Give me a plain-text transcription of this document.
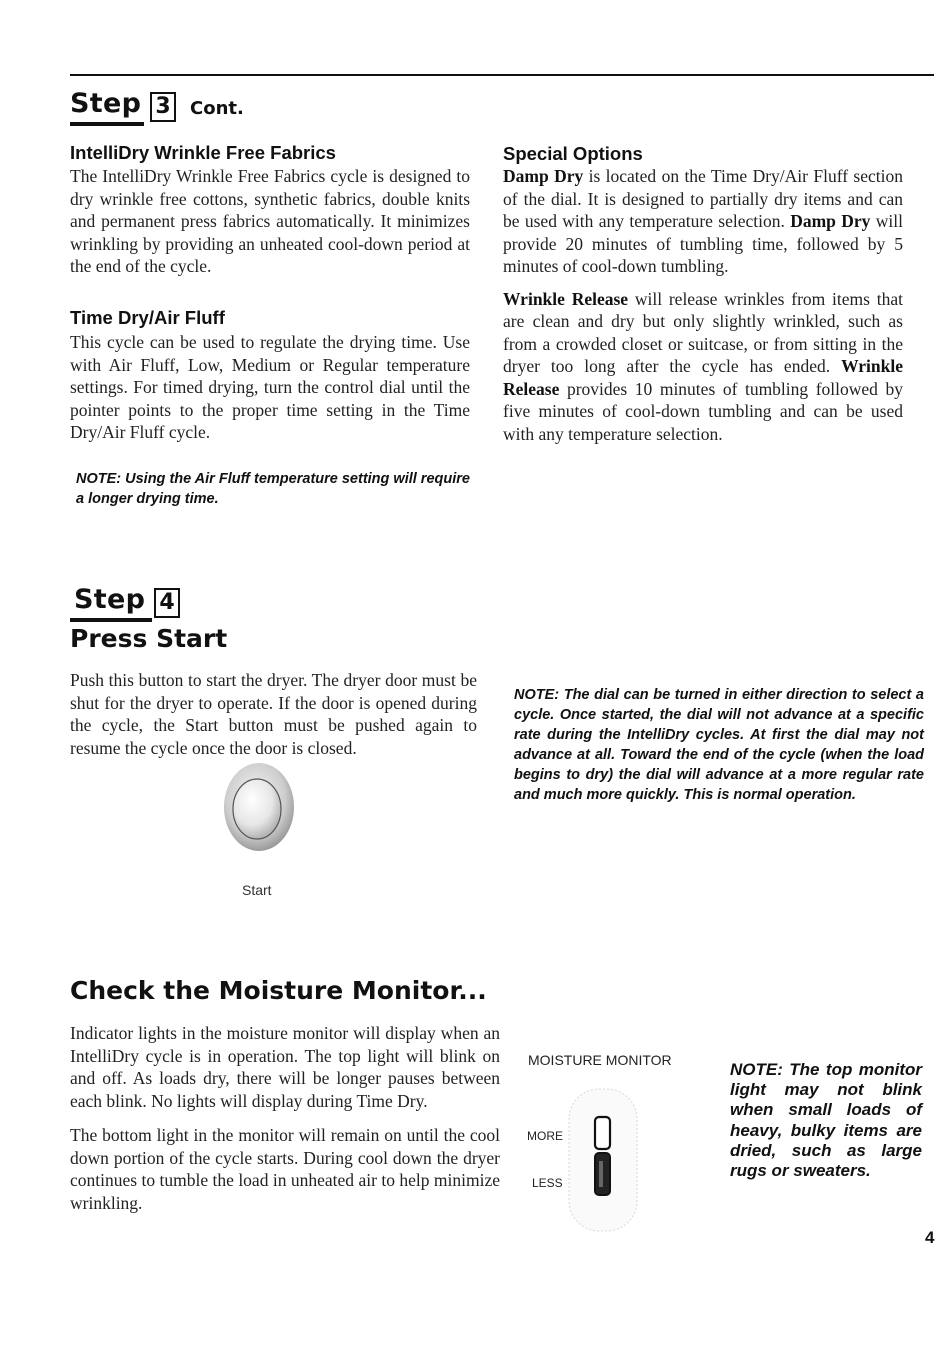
Step 3 Cont.
IntelliDry Wrinkle Free Fabrics
The IntelliDry Wrinkle Free Fabrics cycle is designed to dry wrinkle free cottons, synthetic fabrics, double knits and permanent press fabrics automatically. It minimizes wrinkling by providing an unheated cool-down period at the end of the cycle.
Time Dry/Air Fluff
This cycle can be used to regulate the drying time. Use with Air Fluff, Low, Medium or Regular temperature settings. For timed drying, turn the control dial until the pointer points to the proper time setting in the Time Dry/Air Fluff cycle.
NOTE: Using the Air Fluff temperature setting will require a longer drying time.
Special Options

Damp Dry is located on the Time Dry/Air Fluff section of the dial. It is designed to partially dry items and can be used with any temperature selection. Damp Dry will provide 20 minutes of tumbling time, followed by 5 minutes of cool-down tumbling.

Wrinkle Release will release wrinkles from items that are clean and dry but only slightly wrinkled, such as from a crowded closet or suitcase, or from sitting in the dryer too long after the cycle has ended. Wrinkle Release provides 10 minutes of tumbling followed by five minutes of cool-down tumbling and can be used with any temperature selection.

Step 4
Press Start
Push this button to start the dryer. The dryer door must be shut for the dryer to operate. If the door is opened during the cycle, the Start button must be pushed again to resume the cycle once the door is closed.
Start
NOTE: The dial can be turned in either direction to select a cycle. Once started, the dial will not advance at a specific rate during the IntelliDry cycles. At first the dial may not advance at all. Toward the end of the cycle (when the load begins to dry) the dial will advance at a more regular rate and much more quickly. This is normal operation.
Check the Moisture Monitor...

Indicator lights in the moisture monitor will display when an IntelliDry cycle is in operation. The top light will blink on and off. As loads dry, there will be longer pauses between each blink. No lights will display during Time Dry.

The bottom light in the monitor will remain on until the cool down portion of the cycle starts. During cool down the dryer continues to tumble the load in unheated air to help minimize wrinkling.

MOISTURE MONITOR
MORE
LESS
NOTE: The top monitor light may not blink when small loads of heavy, bulky items are dried, such as large rugs or sweaters.
4
